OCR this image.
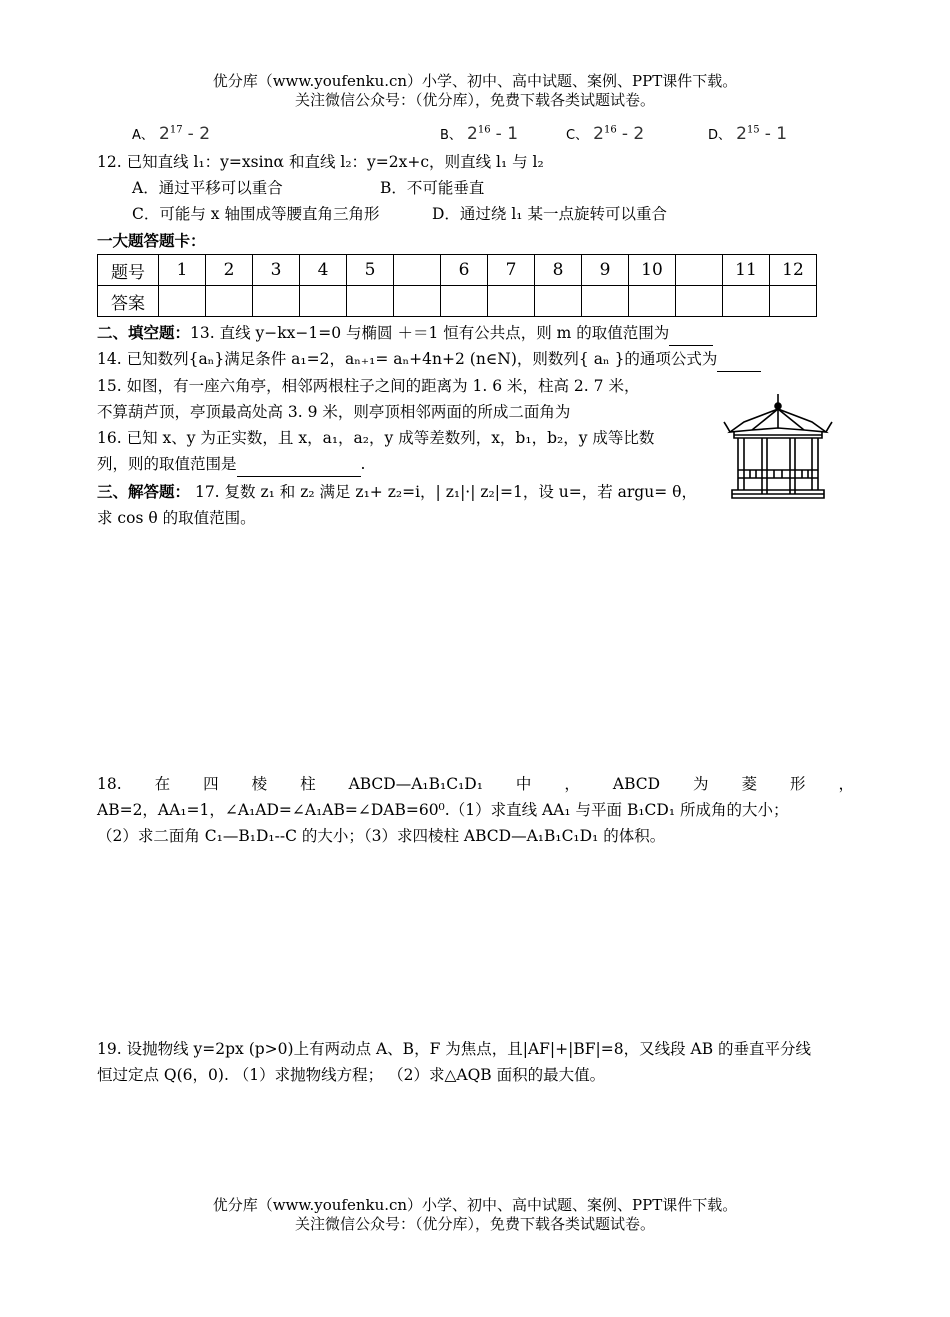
优分库（www.youfenku.cn）小学、初中、高中试题、案例、PPT课件下载。
关注微信公众号：（优分库），免费下载各类试题试卷。
A、 $2^{17} - 2$	B、 $2^{16} - 1$	C、 $2^{16} - 2$	D、 $2^{15} - 1$
12. 已知直线 l₁：y=xsinα 和直线 l₂：y=2x+c，则直线 l₁ 与 l₂
A．通过平移可以重合	B．不可能垂直
C．可能与 x 轴围成等腰直角三角形	D．通过绕 l₁ 某一点旋转可以重合
一大题答题卡：
题号	1	2	3	4	5		6	7	8	9	10		11	12
答案														
二、填空题：13. 直线 y−kx−1=0 与椭圆 ＋＝1 恒有公共点，则 m 的取值范围为
14. 已知数列{aₙ}满足条件 a₁=2，aₙ₊₁= aₙ+4n+2 (n∈N)，则数列{ aₙ }的通项公式为
15. 如图，有一座六角亭，相邻两根柱子之间的距离为 1. 6 米，柱高 2. 7 米，
不算葫芦顶，亭顶最高处高 3. 9 米，则亭顶相邻两面的所成二面角为
16. 已知 x、y 为正实数，且 x，a₁，a₂，y 成等差数列，x，b₁，b₂，y 成等比数
列，则的取值范围是	.
三、解答题： 17. 复数 z₁ 和 z₂ 满足 z₁+ z₂=i，| z₁|·| z₂|=1，设 u=，若 argu= θ，
求 cos θ 的取值范围。
18. 在 四 棱 柱 ABCD—A₁B₁C₁D₁ 中 ， ABCD 为 菱 形 ，
AB=2，AA₁=1，∠A₁AD=∠A₁AB=∠DAB=60⁰.（1）求直线 AA₁ 与平面 B₁CD₁ 所成角的大小；
（2）求二面角 C₁—B₁D₁--C 的大小；（3）求四棱柱 ABCD—A₁B₁C₁D₁ 的体积。
19. 设抛物线 y=2px (p>0)上有两动点 A、B，F 为焦点，且|AF|+|BF|=8，又线段 AB 的垂直平分线
恒过定点 Q(6，0). （1）求抛物线方程； （2）求△AQB 面积的最大值。
优分库（www.youfenku.cn）小学、初中、高中试题、案例、PPT课件下载。
关注微信公众号：（优分库），免费下载各类试题试卷。
